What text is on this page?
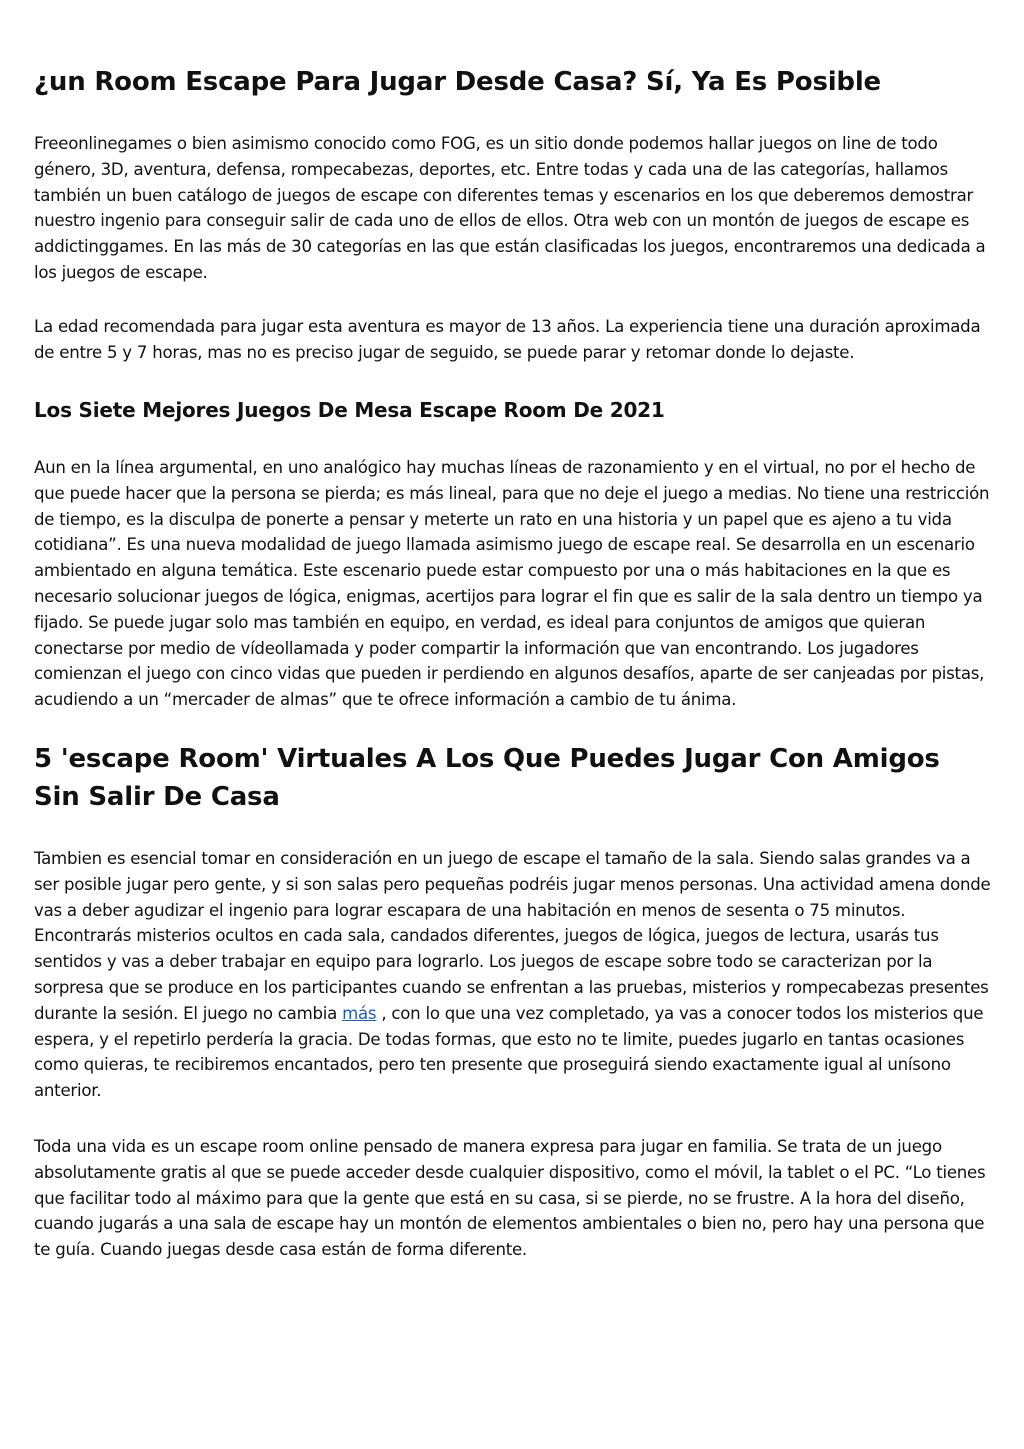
¿un Room Escape Para Jugar Desde Casa? Sí, Ya Es Posible

Freeonlinegames o bien asimismo conocido como FOG, es un sitio donde podemos hallar juegos on line de todo género, 3D, aventura, defensa, rompecabezas, deportes, etc. Entre todas y cada una de las categorías, hallamos también un buen catálogo de juegos de escape con diferentes temas y escenarios en los que deberemos demostrar nuestro ingenio para conseguir salir de cada uno de ellos de ellos. Otra web con un montón de juegos de escape es addictinggames. En las más de 30 categorías en las que están clasificadas los juegos, encontraremos una dedicada a los juegos de escape.

La edad recomendada para jugar esta aventura es mayor de 13 años. La experiencia tiene una duración aproximada de entre 5 y 7 horas, mas no es preciso jugar de seguido, se puede parar y retomar donde lo dejaste.

Los Siete Mejores Juegos De Mesa Escape Room De 2021

Aun en la línea argumental, en uno analógico hay muchas líneas de razonamiento y en el virtual, no por el hecho de que puede hacer que la persona se pierda; es más lineal, para que no deje el juego a medias. No tiene una restricción de tiempo, es la disculpa de ponerte a pensar y meterte un rato en una historia y un papel que es ajeno a tu vida cotidiana”. Es una nueva modalidad de juego llamada asimismo juego de escape real. Se desarrolla en un escenario ambientado en alguna temática. Este escenario puede estar compuesto por una o más habitaciones en la que es necesario solucionar juegos de lógica, enigmas, acertijos para lograr el fin que es salir de la sala dentro un tiempo ya fijado. Se puede jugar solo mas también en equipo, en verdad, es ideal para conjuntos de amigos que quieran conectarse por medio de vídeollamada y poder compartir la información que van encontrando. Los jugadores comienzan el juego con cinco vidas que pueden ir perdiendo en algunos desafíos, aparte de ser canjeadas por pistas, acudiendo a un “mercader de almas” que te ofrece información a cambio de tu ánima.

5 'escape Room' Virtuales A Los Que Puedes Jugar Con Amigos Sin Salir De Casa

Tambien es esencial tomar en consideración en un juego de escape el tamaño de la sala. Siendo salas grandes va a ser posible jugar pero gente, y si son salas pero pequeñas podréis jugar menos personas. Una actividad amena donde vas a deber agudizar el ingenio para lograr escapara de una habitación en menos de sesenta o 75 minutos. Encontrarás misterios ocultos en cada sala, candados diferentes, juegos de lógica, juegos de lectura, usarás tus sentidos y vas a deber trabajar en equipo para lograrlo. Los juegos de escape sobre todo se caracterizan por la sorpresa que se produce en los participantes cuando se enfrentan a las pruebas, misterios y rompecabezas presentes durante la sesión. El juego no cambia más , con lo que una vez completado, ya vas a conocer todos los misterios que espera, y el repetirlo perdería la gracia. De todas formas, que esto no te limite, puedes jugarlo en tantas ocasiones como quieras, te recibiremos encantados, pero ten presente que proseguirá siendo exactamente igual al unísono anterior.

Toda una vida es un escape room online pensado de manera expresa para jugar en familia. Se trata de un juego absolutamente gratis al que se puede acceder desde cualquier dispositivo, como el móvil, la tablet o el PC. “Lo tienes que facilitar todo al máximo para que la gente que está en su casa, si se pierde, no se frustre. A la hora del diseño, cuando jugarás a una sala de escape hay un montón de elementos ambientales o bien no, pero hay una persona que te guía. Cuando juegas desde casa están de forma diferente.
